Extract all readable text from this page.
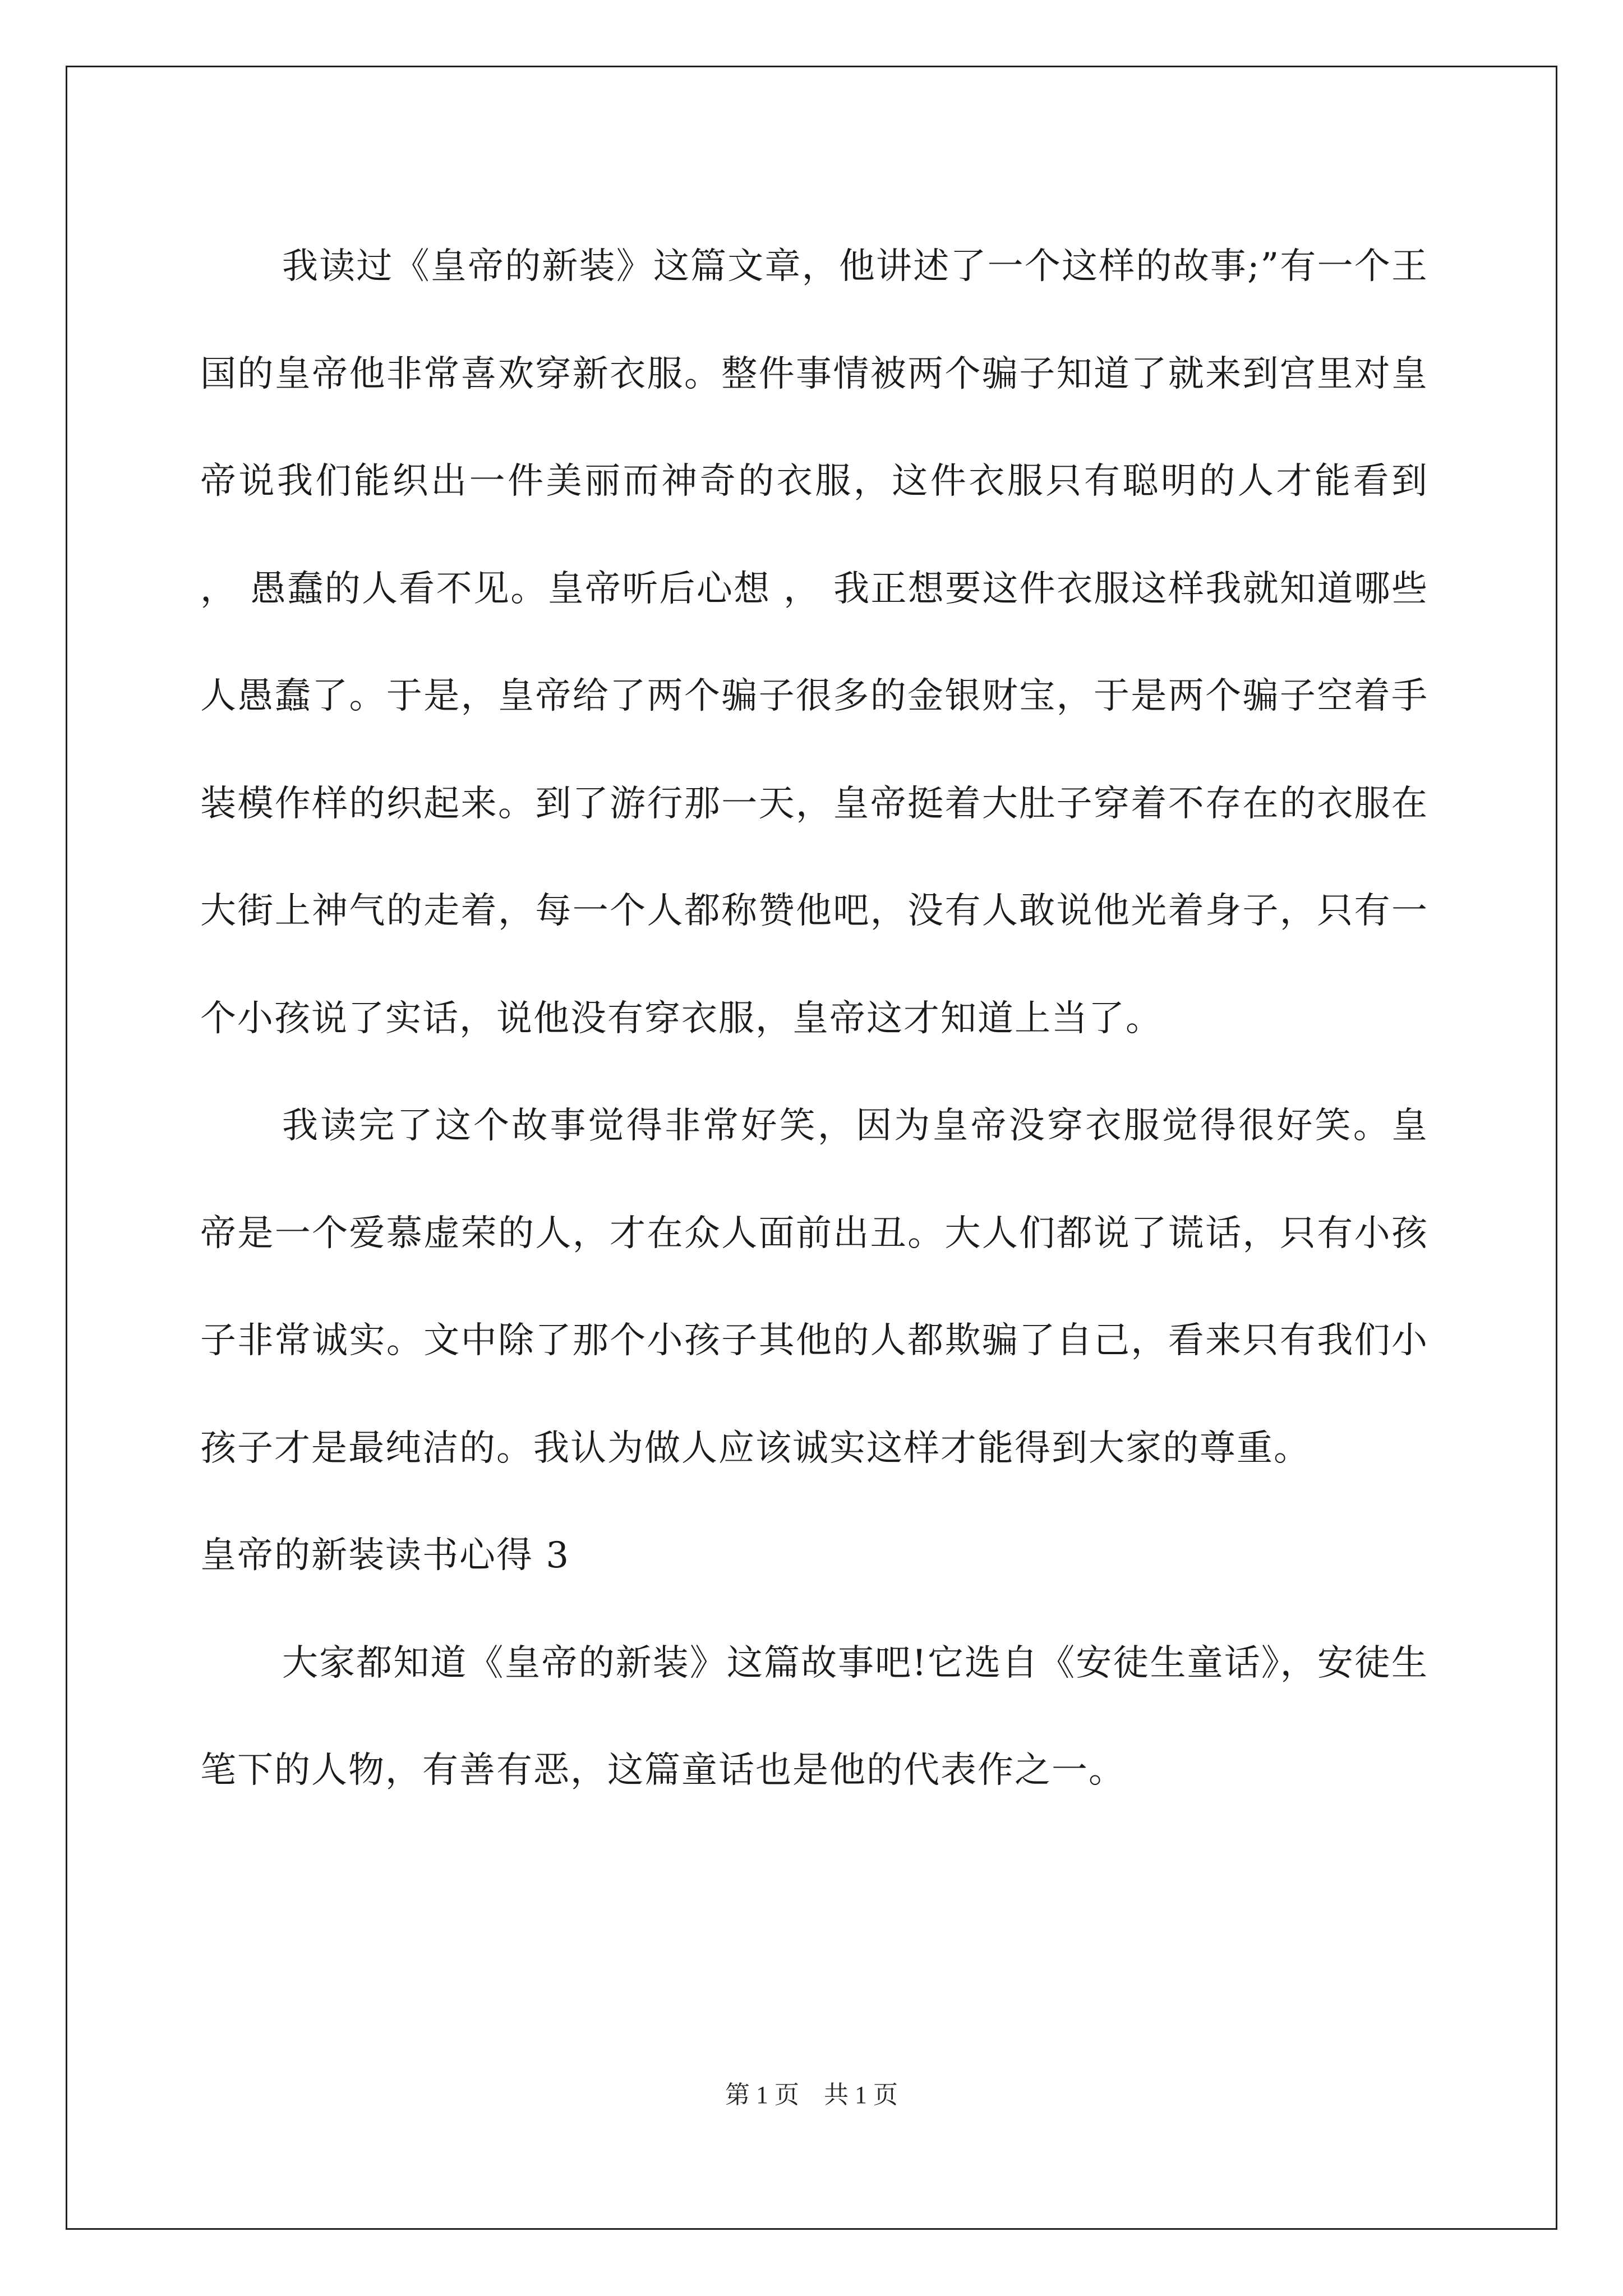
我读过《皇帝的新装》这篇文章，他讲述了一个这样的故事;”有一个王国的皇帝他非常喜欢穿新衣服。整件事情被两个骗子知道了就来到宫里对皇帝说我们能织出一件美丽而神奇的衣服，这件衣服只有聪明的人才能看到 ， 愚蠢的人看不见。皇帝听后心想 ， 我正想要这件衣服这样我就知道哪些人愚蠢了。于是，皇帝给了两个骗子很多的金银财宝，于是两个骗子空着手装模作样的织起来。到了游行那一天，皇帝挺着大肚子穿着不存在的衣服在大街上神气的走着，每一个人都称赞他吧，没有人敢说他光着身子，只有一个小孩说了实话，说他没有穿衣服，皇帝这才知道上当了。

我读完了这个故事觉得非常好笑，因为皇帝没穿衣服觉得很好笑。皇帝是一个爱慕虚荣的人，才在众人面前出丑。大人们都说了谎话，只有小孩子非常诚实。文中除了那个小孩子其他的人都欺骗了自己，看来只有我们小孩子才是最纯洁的。我认为做人应该诚实这样才能得到大家的尊重。

皇帝的新装读书心得 3

大家都知道《皇帝的新装》这篇故事吧!它选自《安徒生童话》，安徒生笔下的人物，有善有恶，这篇童话也是他的代表作之一。

第 1 页 共 1 页
